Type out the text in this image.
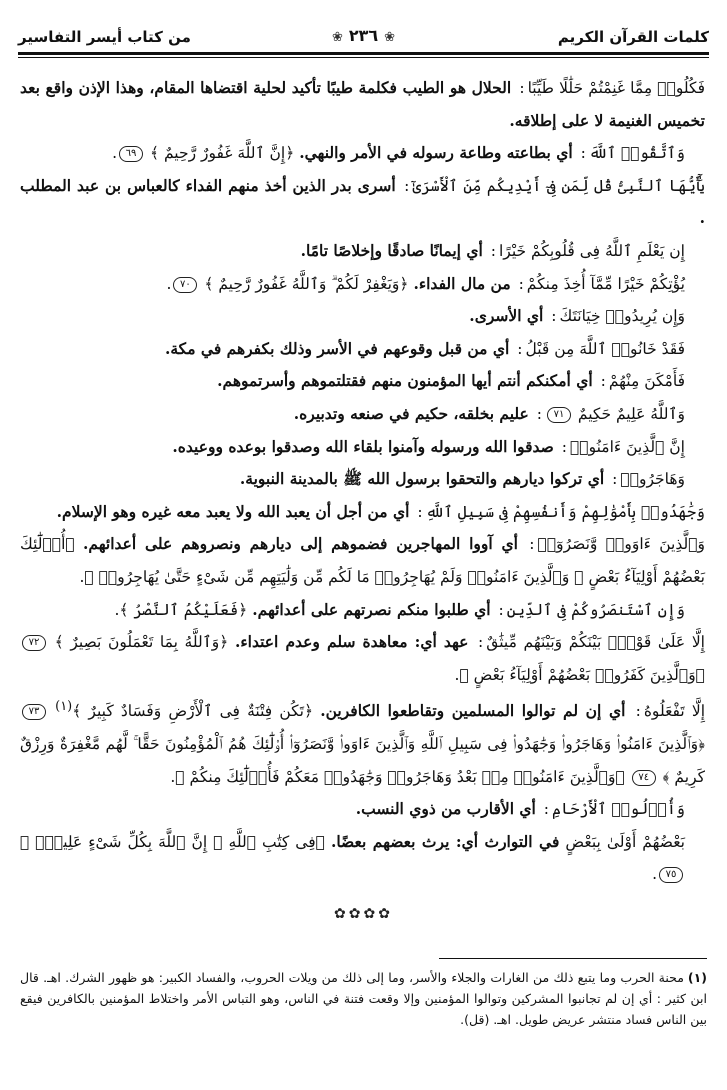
كلمات القرآن الكريم
❀ ٢٣٦ ❀
من كتاب أيسر التفاسير

فَكُلُوا۟ مِمَّا غَنِمْتُمْ حَلَٰلًا طَيِّبًا: الحلال هو الطيب فكلمة طيبًا تأكيد لحلية اقتضاها المقام، وهذا الإذن واقع بعد تخميس الغنيمة لا على إطلاقه.

وَٱتَّقُوا۟ ٱللَّهَ: أي بطاعته وطاعة رسوله في الأمر والنهي. ﴿إِنَّ ٱللَّهَ غَفُورٌ رَّحِيمٌ ﴾ ٦٩.

يَٰٓأَيُّهَا ٱلنَّبِىُّ قُل لِّمَن فِىٓ أَيْدِيكُم مِّنَ ٱلْأَسْرَىٰٓ: أسرى بدر الذين أخذ منهم الفداء كالعباس بن عبد المطلب .

إِن يَعْلَمِ ٱللَّهُ فِى قُلُوبِكُمْ خَيْرًا: أي إيمانًا صادقًا وإخلاصًا تامًا.

يُؤْتِكُمْ خَيْرًا مِّمَّآ أُخِذَ مِنكُمْ: من مال الفداء. ﴿وَيَغْفِرْ لَكُمْ ۗ وَٱللَّهُ غَفُورٌ رَّحِيمٌ ﴾ ٧٠.

وَإِن يُرِيدُوا۟ خِيَانَتَكَ: أي الأسرى.

فَقَدْ خَانُوا۟ ٱللَّهَ مِن قَبْلُ: أي من قبل وقوعهم في الأسر وذلك بكفرهم في مكة.

فَأَمْكَنَ مِنْهُمْ: أي أمكنكم أنتم أيها المؤمنون منهم فقتلتموهم وأسرتموهم.

وَٱللَّهُ عَلِيمٌ حَكِيمٌ ٧١: عليم بخلقه، حكيم في صنعه وتدبيره.

إِنَّ ٱلَّذِينَ ءَامَنُوا۟: صدقوا الله ورسوله وآمنوا بلقاء الله وصدقوا بوعده ووعيده.

وَهَاجَرُوا۟: أي تركوا ديارهم والتحقوا برسول الله ﷺ بالمدينة النبوية.

وَجَٰهَدُوا۟ بِأَمْوَٰلِهِمْ وَأَنفُسِهِمْ فِى سَبِيلِ ٱللَّهِ: أي من أجل أن يعبد الله ولا يعبد معه غيره وهو الإسلام.

وَٱلَّذِينَ ءَاوَوا۟ وَّنَصَرُوٓا۟: أي آووا المهاجرين فضموهم إلى ديارهم ونصروهم على أعدائهم. ﴿أُو۟لَٰٓئِكَ بَعْضُهُمْ أَوْلِيَآءُ بَعْضٍ ۚ وَٱلَّذِينَ ءَامَنُوا۟ وَلَمْ يُهَاجِرُوا۟ مَا لَكُم مِّن وَلَٰيَتِهِم مِّن شَىْءٍ حَتَّىٰ يُهَاجِرُوا۟ ﴾.

وَإِنِ ٱسْتَنصَرُوكُمْ فِى ٱلدِّينِ: أي طلبوا منكم نصرتهم على أعدائهم. ﴿فَعَلَيْكُمُ ٱلنَّصْرُ ﴾.

إِلَّا عَلَىٰ قَوْمٍۭ بَيْنَكُمْ وَبَيْنَهُم مِّيثَٰقٌ: عهد أي: معاهدة سلم وعدم اعتداء. ﴿وَٱللَّهُ بِمَا تَعْمَلُونَ بَصِيرٌ ﴾ ٧٢ ﴿وَٱلَّذِينَ كَفَرُوا۟ بَعْضُهُمْ أَوْلِيَآءُ بَعْضٍ ﴾.

إِلَّا تَفْعَلُوهُ: أي إن لم توالوا المسلمين وتقاطعوا الكافرين. ﴿تَكُن فِتْنَةٌ فِى ٱلْأَرْضِ وَفَسَادٌ كَبِيرٌ ﴾$^{(١)}$ ٧٣ ﴿وَٱلَّذِينَ ءَامَنُوا۟ وَهَاجَرُوا۟ وَجَٰهَدُوا۟ فِى سَبِيلِ ٱللَّهِ وَٱلَّذِينَ ءَاوَوا۟ وَّنَصَرُوٓا۟ أُو۟لَٰٓئِكَ هُمُ ٱلْمُؤْمِنُونَ حَقًّا ۚ لَّهُم مَّغْفِرَةٌ وَرِزْقٌ كَرِيمٌ ﴾ ٧٤ ﴿وَٱلَّذِينَ ءَامَنُوا۟ مِنۢ بَعْدُ وَهَاجَرُوا۟ وَجَٰهَدُوا۟ مَعَكُمْ فَأُو۟لَٰٓئِكَ مِنكُمْ ﴾.

وَأُو۟لُوا۟ ٱلْأَرْحَامِ: أي الأقارب من ذوي النسب.

بَعْضُهُمْ أَوْلَىٰ بِبَعْضٍ في التوارث أي: يرث بعضهم بعضًا. ﴿فِى كِتَٰبِ ٱللَّهِ ۗ إِنَّ ٱللَّهَ بِكُلِّ شَىْءٍ عَلِيمٌۢ ﴾ ٧٥.

✿✿✿✿
(١)محنة الحرب وما يتبع ذلك من الغارات والجلاء والأسر، وما إلى ذلك من ويلات الحروب، والفساد الكبير: هو ظهور الشرك. اهـ. قال ابن كثير : أي إن لم تجانبوا المشركين وتوالوا المؤمنين وإلا وقعت فتنة في الناس، وهو التباس الأمر واختلاط المؤمنين بالكافرين فيقع بين الناس فساد منتشر عريض طويل. اهـ. (قل).
